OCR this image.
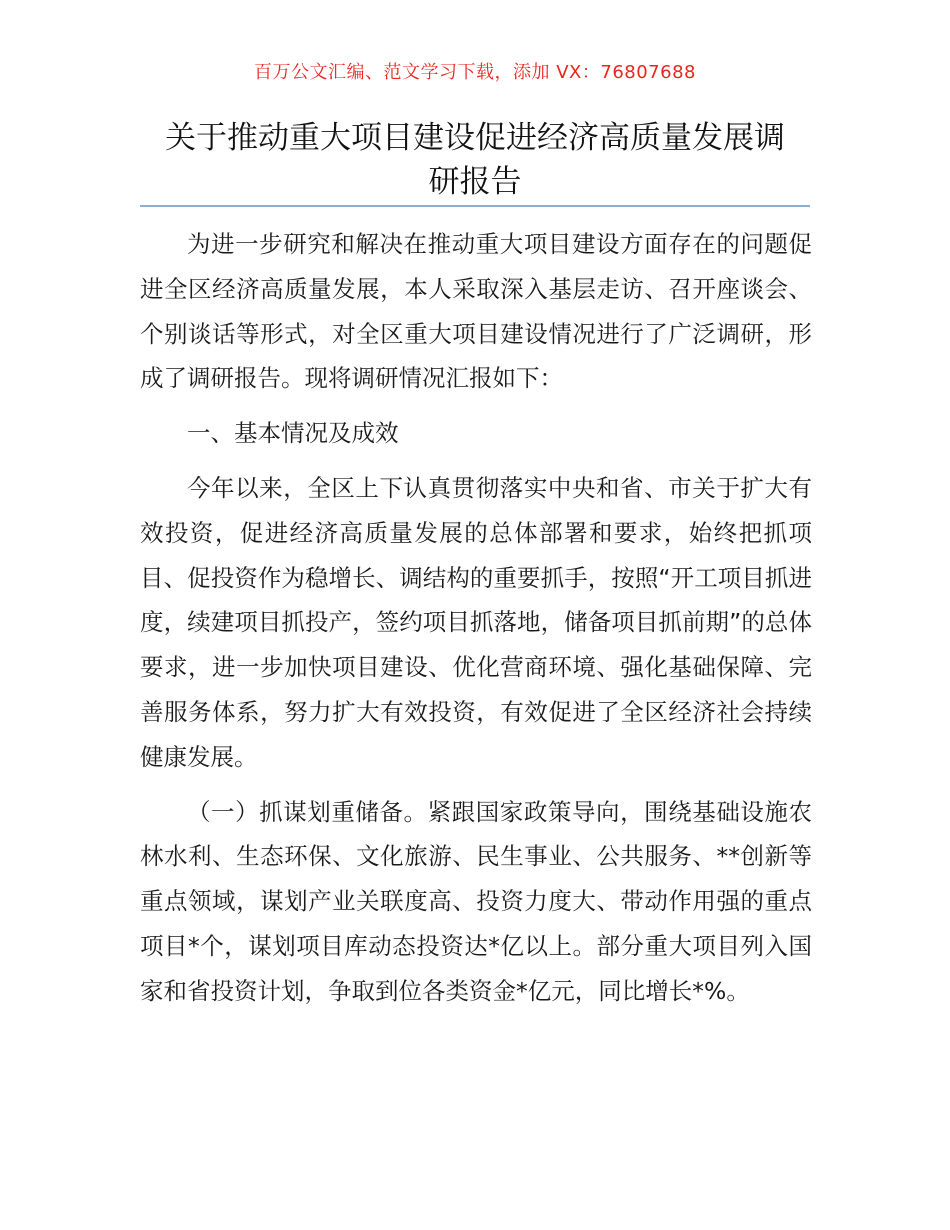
百万公文汇编、范文学习下载，添加 VX：76807688
关于推动重大项目建设促进经济高质量发展调
研报告

为进一步研究和解决在推动重大项目建设方面存在的问题促进全区经济高质量发展，本人采取深入基层走访、召开座谈会、个别谈话等形式，对全区重大项目建设情况进行了广泛调研，形成了调研报告。现将调研情况汇报如下：

一、基本情况及成效

今年以来，全区上下认真贯彻落实中央和省、市关于扩大有效投资，促进经济高质量发展的总体部署和要求，始终把抓项目、促投资作为稳增长、调结构的重要抓手，按照“开工项目抓进度，续建项目抓投产，签约项目抓落地，储备项目抓前期”的总体要求，进一步加快项目建设、优化营商环境、强化基础保障、完善服务体系，努力扩大有效投资，有效促进了全区经济社会持续健康发展。

（一）抓谋划重储备。紧跟国家政策导向，围绕基础设施农林水利、生态环保、文化旅游、民生事业、公共服务、**创新等重点领域，谋划产业关联度高、投资力度大、带动作用强的重点项目*个，谋划项目库动态投资达*亿以上。部分重大项目列入国家和省投资计划，争取到位各类资金*亿元，同比增长*%。
